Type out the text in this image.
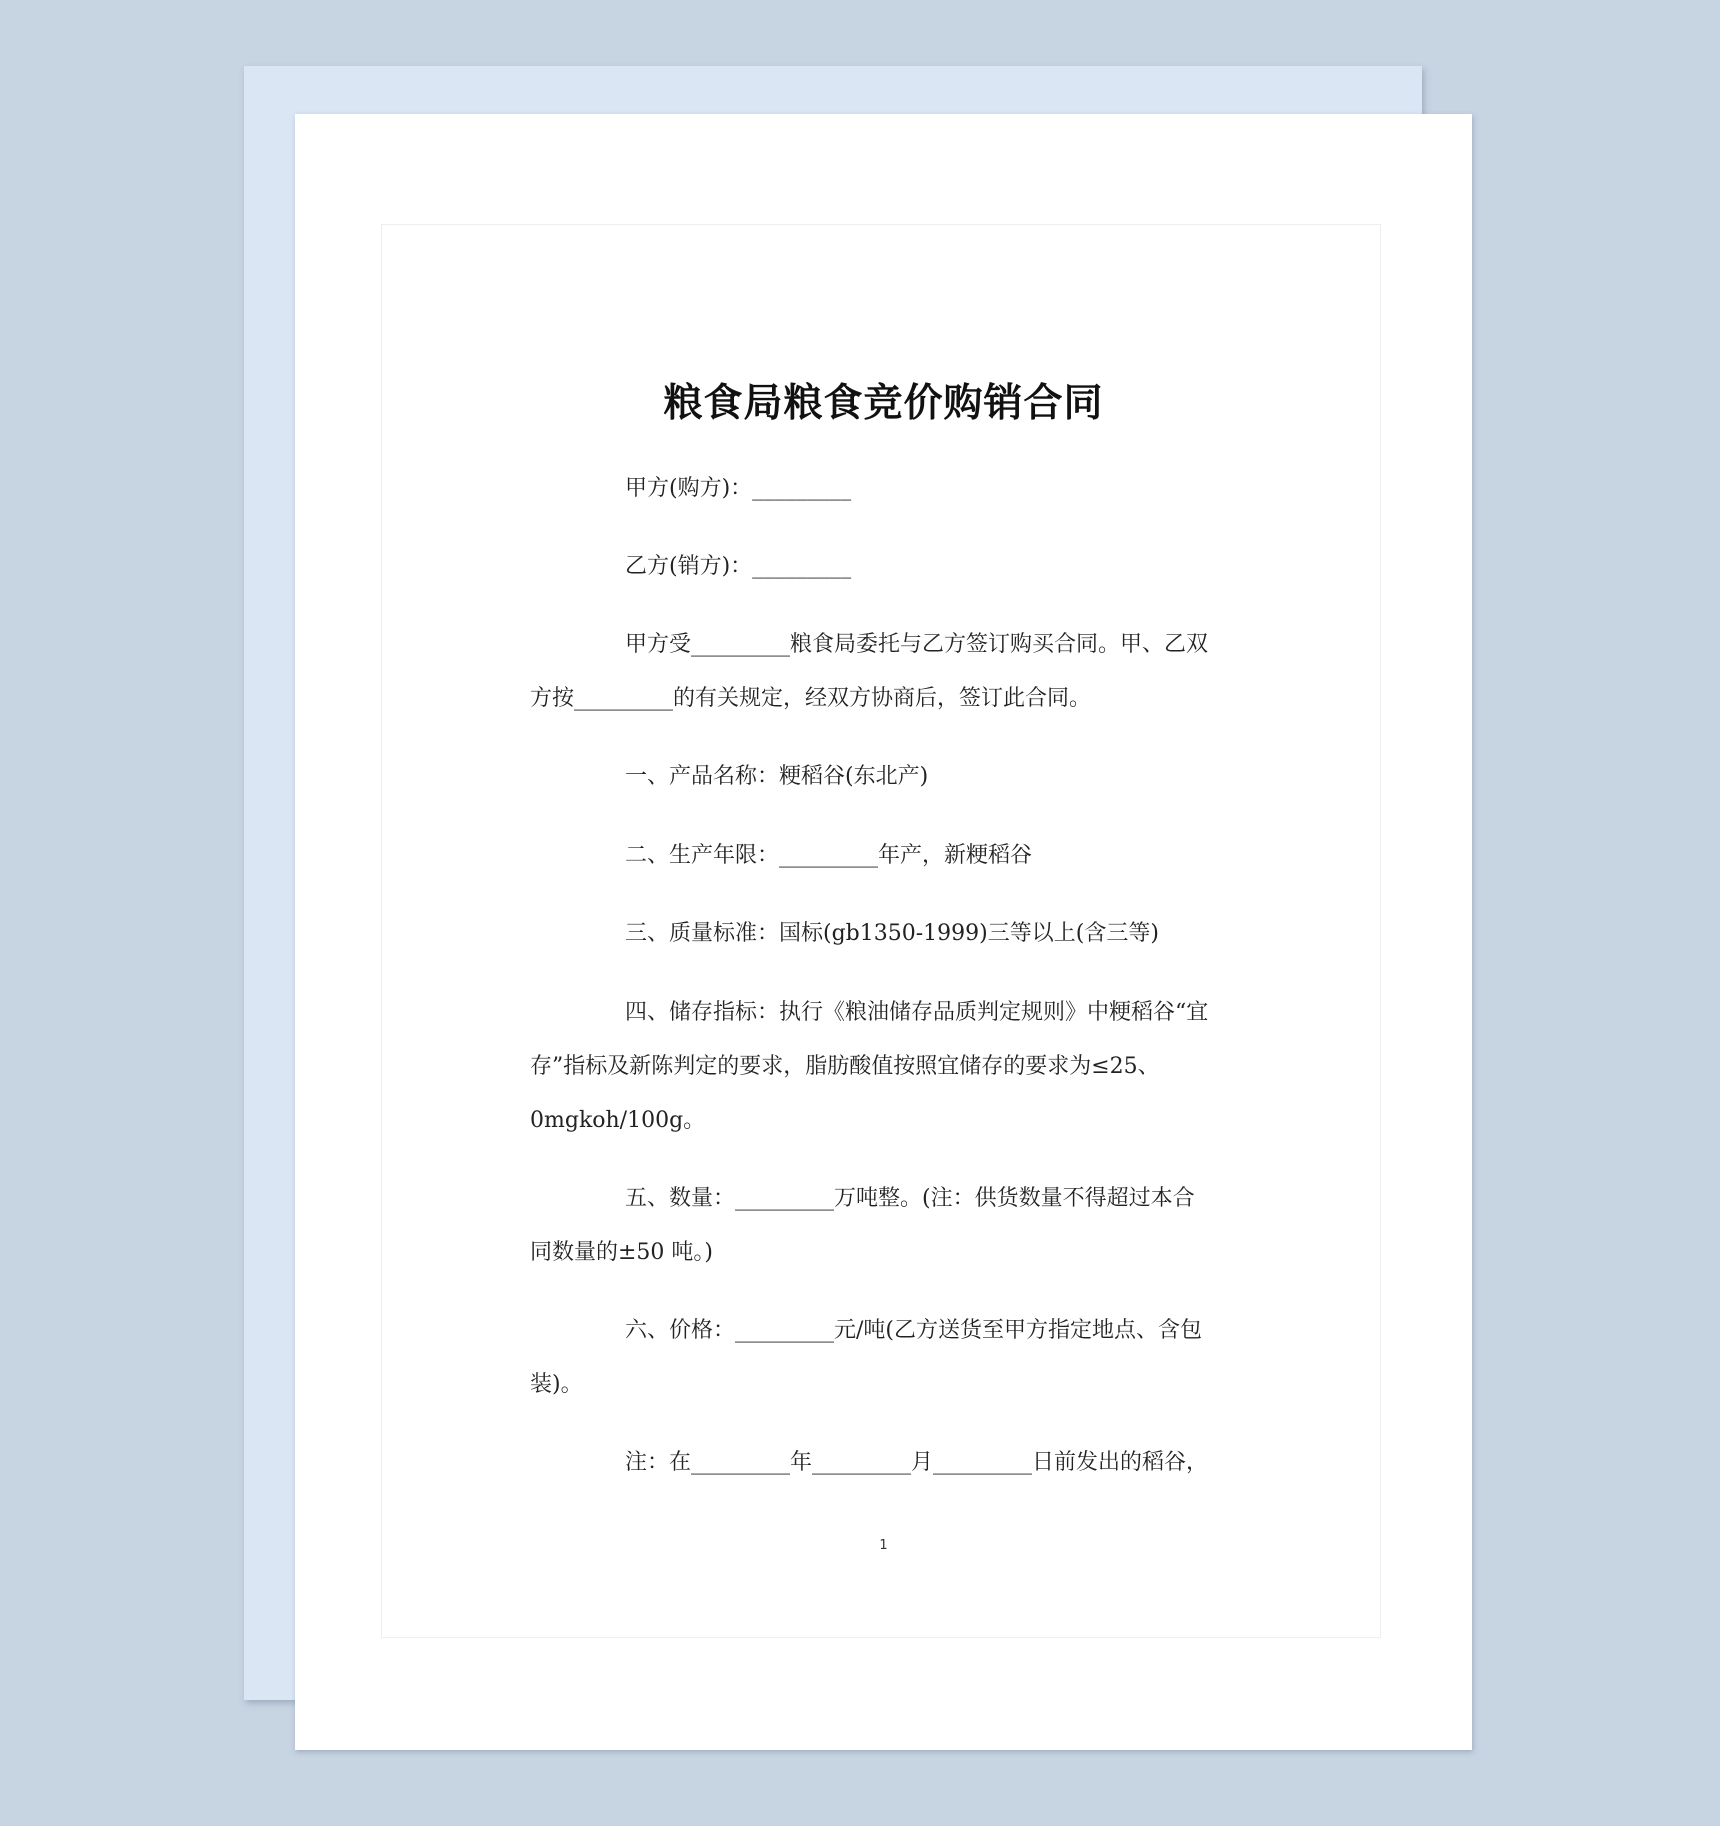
粮食局粮食竞价购销合同
甲方(购方)：_________
乙方(销方)：_________
甲方受_________粮食局委托与乙方签订购买合同。甲、乙双
方按_________的有关规定，经双方协商后，签订此合同。
一、产品名称：粳稻谷(东北产)
二、生产年限：_________年产，新粳稻谷
三、质量标准：国标(gb1350-1999)三等以上(含三等)
四、储存指标：执行《粮油储存品质判定规则》中粳稻谷“宜
存”指标及新陈判定的要求，脂肪酸值按照宜储存的要求为≤25、
0mgkoh/100g。
五、数量：_________万吨整。(注：供货数量不得超过本合
同数量的±50 吨。)
六、价格：_________元/吨(乙方送货至甲方指定地点、含包
装)。
注：在_________年_________月_________日前发出的稻谷，
1
